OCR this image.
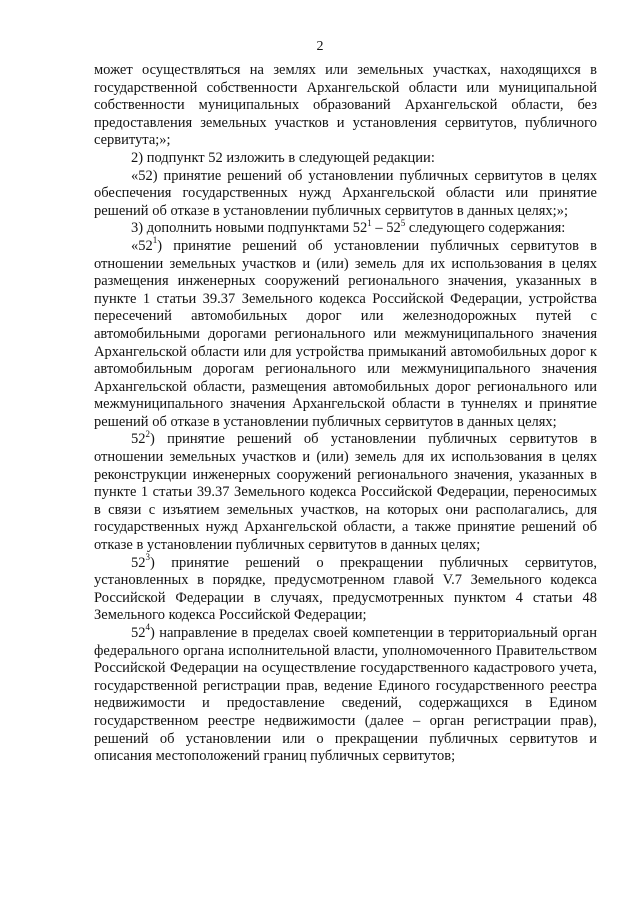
2

может осуществляться на землях или земельных участках, находящихся в государственной собственности Архангельской области или муниципальной собственности муниципальных образований Архангельской области, без предоставления земельных участков и установления сервитутов, публичного сервитута;»;

2) подпункт 52 изложить в следующей редакции:

«52) принятие решений об установлении публичных сервитутов в целях обеспечения государственных нужд Архангельской области или принятие решений об отказе в установлении публичных сервитутов в данных целях;»;

3) дополнить новыми подпунктами $52^1 - 52^5$ следующего содержания:

«$52^1$) принятие решений об установлении публичных сервитутов в отношении земельных участков и (или) земель для их использования в целях размещения инженерных сооружений регионального значения, указанных в пункте 1 статьи 39.37 Земельного кодекса Российской Федерации, устройства пересечений автомобильных дорог или железнодорожных путей с автомобильными дорогами регионального или межмуниципального значения Архангельской области или для устройства примыканий автомобильных дорог к автомобильным дорогам регионального или межмуниципального значения Архангельской области, размещения автомобильных дорог регионального или межмуниципального значения Архангельской области в туннелях и принятие решений об отказе в установлении публичных сервитутов в данных целях;

$52^2$) принятие решений об установлении публичных сервитутов в отношении земельных участков и (или) земель для их использования в целях реконструкции инженерных сооружений регионального значения, указанных в пункте 1 статьи 39.37 Земельного кодекса Российской Федерации, переносимых в связи с изъятием земельных участков, на которых они располагались, для государственных нужд Архангельской области, а также принятие решений об отказе в установлении публичных сервитутов в данных целях;

$52^3$) принятие решений о прекращении публичных сервитутов, установленных в порядке, предусмотренном главой V.7 Земельного кодекса Российской Федерации в случаях, предусмотренных пунктом 4 статьи 48 Земельного кодекса Российской Федерации;

$52^4$) направление в пределах своей компетенции в территориальный орган федерального органа исполнительной власти, уполномоченного Правительством Российской Федерации на осуществление государственного кадастрового учета, государственной регистрации прав, ведение Единого государственного реестра недвижимости и предоставление сведений, содержащихся в Едином государственном реестре недвижимости (далее – орган регистрации прав), решений об установлении или о прекращении публичных сервитутов и описания местоположений границ публичных сервитутов;
